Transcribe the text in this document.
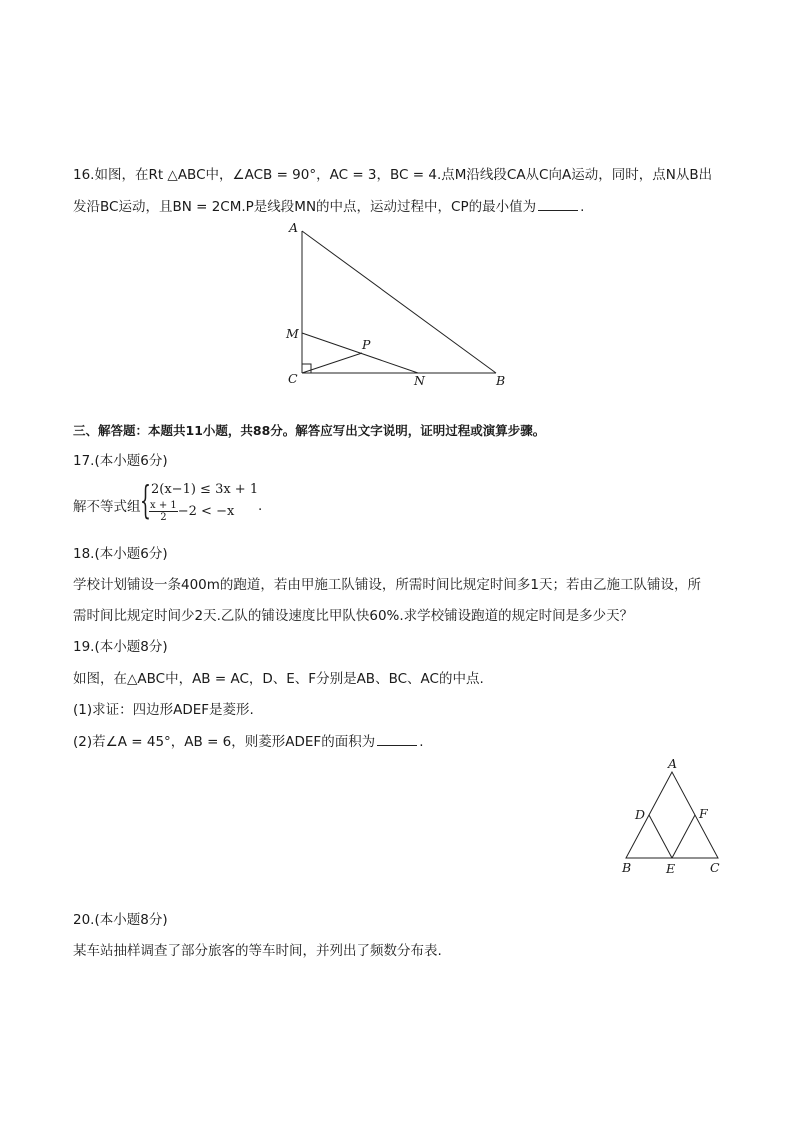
16.如图，在Rt △ABC中，∠ACB = 90°，AC = 3，BC = 4.点M沿线段CA从C向A运动，同时，点N从B出
发沿BC运动，且BN = 2CM.P是线段MN的中点，运动过程中，CP的最小值为	.
A
M
P
C	N	B
三、解答题：本题共11小题，共88分。解答应写出文字说明，证明过程或演算步骤。
17.(本小题6分)
解不等式组 { 2(x−1) ≤ 3x + 1
$\frac{x + 1}{2} -2 < -x$ .
18.(本小题6分)
学校计划铺设一条400m的跑道，若由甲施工队铺设，所需时间比规定时间多1天；若由乙施工队铺设，所
需时间比规定时间少2天.乙队的铺设速度比甲队快60%.求学校铺设跑道的规定时间是多少天？
19.(本小题8分)
如图，在△ABC中，AB = AC，D、E、F分别是AB、BC、AC的中点.
(1)求证：四边形ADEF是菱形.
(2)若∠A = 45°，AB = 6，则菱形ADEF的面积为	.
A
D	F
B	E	C
20.(本小题8分)
某车站抽样调查了部分旅客的等车时间，并列出了频数分布表.
